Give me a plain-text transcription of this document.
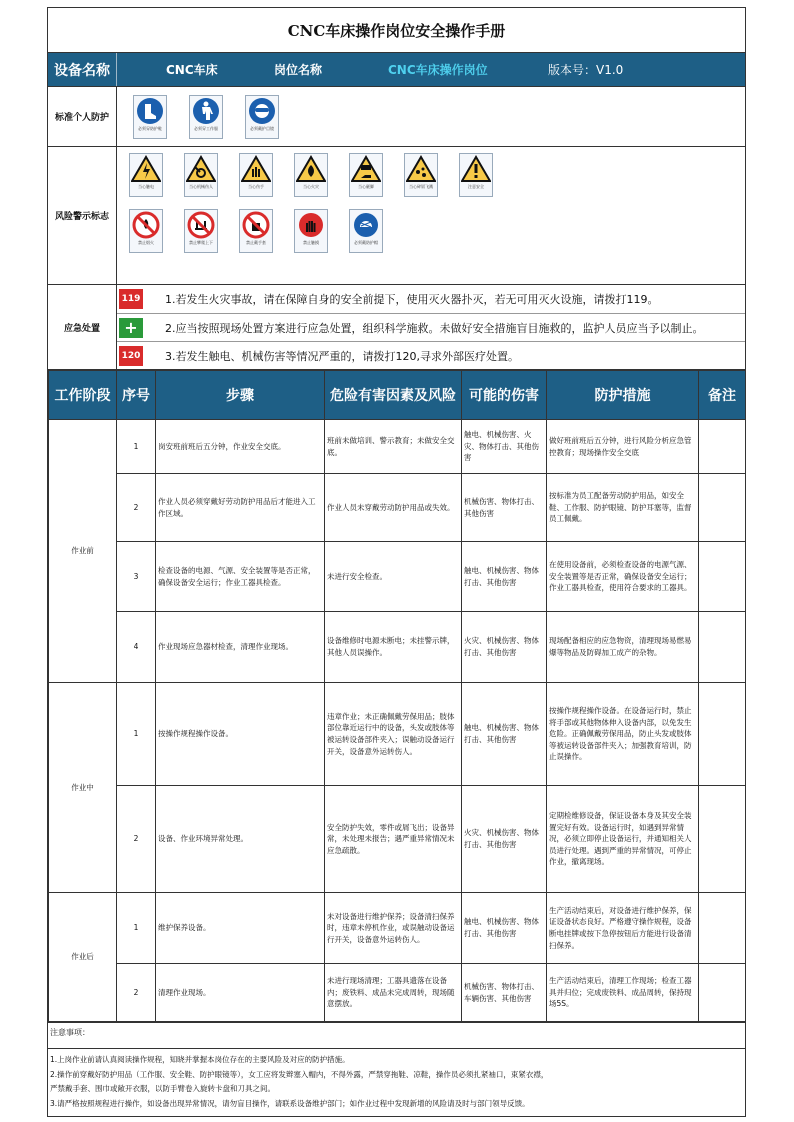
CNC车床操作岗位安全操作手册
设备名称	CNC车床	岗位名称	CNC车床操作岗位	版本号：V1.0
标准个人防护
必须穿防护鞋	必须穿工作服	必须戴护目镜
风险警示标志
当心触电	当心机械伤人	当心伤手	当心火灾	当心砸脚	当心碎屑飞溅	注意安全
禁止烟火	禁止攀爬上下	禁止戴手套	禁止触摸	必须戴防护帽
应急处置
119 1.若发生火灾事故，请在保障自身的安全前提下，使用灭火器扑灭，若无可用灭火设施，请拨打119。
+	2.应当按照现场处置方案进行应急处置，组织科学施救。未做好安全措施盲目施救的，监护人员应当予以制止。
120 3.若发生触电、机械伤害等情况严重的，请拨打120,寻求外部医疗处置。
工作阶段	序号	步骤	危险有害因素及风险	可能的伤害	防护措施	备注
作业前	1	岗安班前班后五分钟，作业安全交底。	班前未做培训、警示教育；未做安全交底。	触电、机械伤害、火灾、物体打击、其他伤害	做好班前班后五分钟，进行风险分析应急管控教育；现场操作安全交底	
	2	作业人员必须穿戴好劳动防护用品后才能进入工作区域。	作业人员未穿戴劳动防护用品或失效。	机械伤害、物体打击、其他伤害	按标准为员工配备劳动防护用品，如安全鞋、工作服、防护眼镜、防护耳塞等，监督员工佩戴。	
	3	检查设备的电源、气源、安全装置等是否正常，确保设备安全运行；作业工器具检查。	未进行安全检查。	触电、机械伤害、物体打击、其他伤害	在使用设备前，必须检查设备的电源气源、安全装置等是否正常，确保设备安全运行；作业工器具检查，使用符合要求的工器具。	
	4	作业现场应急器材检查，清理作业现场。	设备维修时电源未断电；未挂警示牌，其他人员误操作。	火灾、机械伤害、物体打击、其他伤害	现场配备相应的应急物资，清理现场易燃易爆等物品及防碍加工成产的杂物。	
作业中	1	按操作规程操作设备。	违章作业；未正确佩戴劳保用品；肢体部位靠近运行中的设备，头发或肢体等被运转设备部件夹入；误触动设备运行开关，设备意外运转伤人。	触电、机械伤害、物体打击、其他伤害	按操作规程操作设备。在设备运行时，禁止将手部或其他物体伸入设备内部，以免发生危险。正确佩戴劳保用品，防止头发或肢体等被运转设备部件夹入；加强教育培训，防止误操作。	
	2	设备、作业环境异常处理。	安全防护失效，零件或屑飞出；设备异常，未处理未报告；遇严重异常情况未应急疏散。	火灾、机械伤害、物体打击、其他伤害	定期检维修设备，保证设备本身及其安全装置完好有效。设备运行时，如遇到异常情况，必须立即停止设备运行，并通知相关人员进行处理。遇到严重的异常情况，可停止作业，撤离现场。	
作业后	1	维护保养设备。	未对设备进行维护保养；设备清扫保养时，违章未停机作业，或误触动设备运行开关，设备意外运转伤人。	触电、机械伤害、物体打击、其他伤害	生产活动结束后，对设备进行维护保养，保证设备状态良好。严格遵守操作规程，设备断电挂牌或按下急停按钮后方能进行设备清扫保养。	
	2	清理作业现场。	未进行现场清理；工器具遗落在设备内；废铁料、成品未完成周转，现场随意摆放。	机械伤害、物体打击、车辆伤害、其他伤害	生产活动结束后，清理工作现场；检查工器具并归位；完成废铁料、成品周转，保持现场5S。	
注意事项：
1.上岗作业前请认真阅读操作规程，知晓并掌握本岗位存在的主要风险及对应的防护措施。
2.操作前穿戴好防护用品（工作服、安全鞋、防护眼镜等），女工应将发辫塞入帽内，不得外露，严禁穿拖鞋、凉鞋，操作员必须扎紧袖口，束紧衣襟，
严禁戴手套、围巾或敞开衣服，以防手臂卷入旋转卡盘和刀具之间。
3.请严格按照规程进行操作，如设备出现异常情况，请勿盲目操作，请联系设备维护部门；如作业过程中发现新增的风险请及时与部门领导反馈。
